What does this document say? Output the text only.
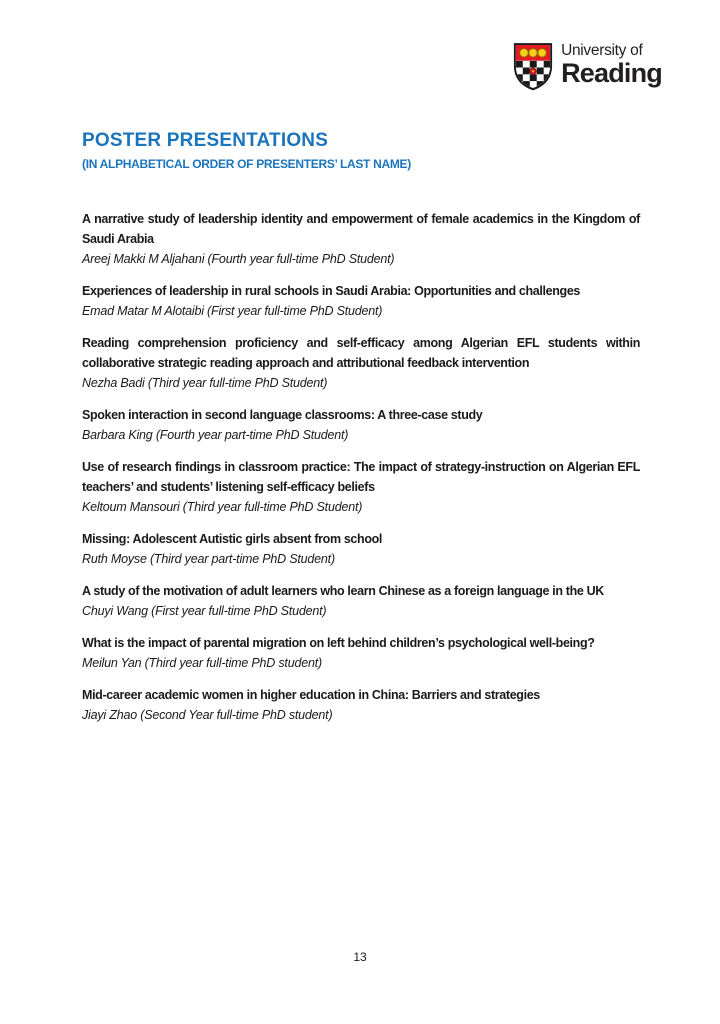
University of
Reading
POSTER PRESENTATIONS
(IN ALPHABETICAL ORDER OF PRESENTERS’ LAST NAME)

A narrative study of leadership identity and empowerment of female academics in the Kingdom of Saudi Arabia

Areej Makki M Aljahani (Fourth year full-time PhD Student)

Experiences of leadership in rural schools in Saudi Arabia: Opportunities and challenges

Emad Matar M Alotaibi (First year full-time PhD Student)

Reading comprehension proficiency and self-efficacy among Algerian EFL students within collaborative strategic reading approach and attributional feedback intervention

Nezha Badi (Third year full-time PhD Student)

Spoken interaction in second language classrooms: A three-case study

Barbara King (Fourth year part-time PhD Student)

Use of research findings in classroom practice: The impact of strategy-instruction on Algerian EFL teachers’ and students’ listening self-efficacy beliefs

Keltoum Mansouri (Third year full-time PhD Student)

Missing: Adolescent Autistic girls absent from school

Ruth Moyse (Third year part-time PhD Student)

A study of the motivation of adult learners who learn Chinese as a foreign language in the UK

Chuyi Wang (First year full-time PhD Student)

What is the impact of parental migration on left behind children’s psychological well-being?

Meilun Yan (Third year full-time PhD student)

Mid-career academic women in higher education in China: Barriers and strategies

Jiayi Zhao (Second Year full-time PhD student)

13
